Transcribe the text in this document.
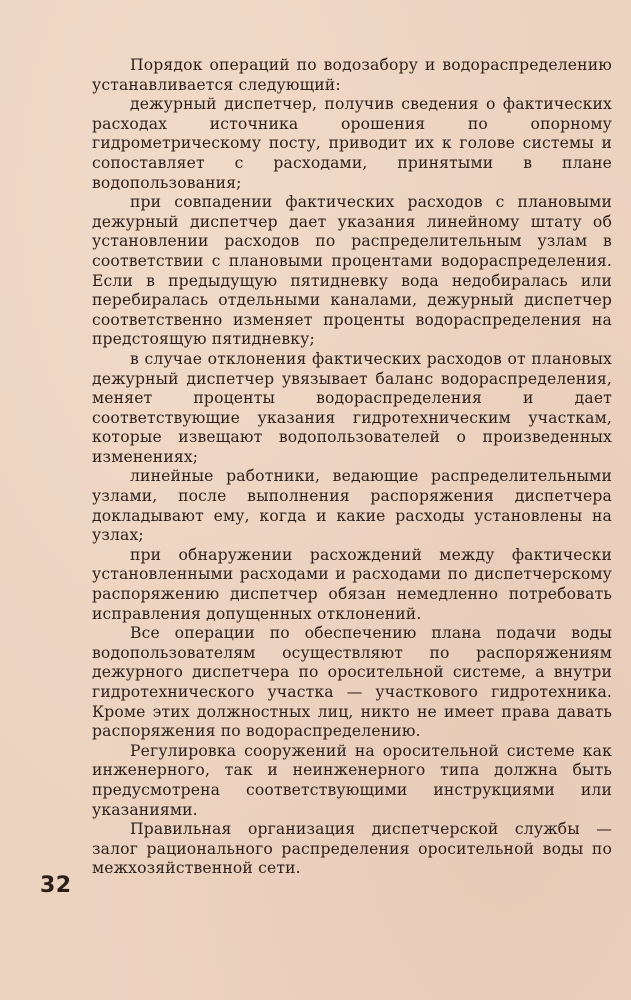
Порядок операций по водозабору и водораспределению устанавливается следующий:

дежурный диспетчер, получив сведения о фактических расходах источника орошения по опорному гидрометрическому посту, приводит их к голове системы и сопоставляет с расходами, принятыми в плане водопользования;

при совпадении фактических расходов с плановыми дежурный диспетчер дает указания линейному штату об установлении расходов по распределительным узлам в соответствии с плановыми процентами водораспределения. Если в предыдущую пятидневку вода недобиралась или перебиралась отдельными каналами, дежурный диспетчер соответственно изменяет проценты водораспределения на предстоящую пятидневку;

в случае отклонения фактических расходов от плановых дежурный диспетчер увязывает баланс водораспределения, меняет проценты водораспределения и дает соответствующие указания гидротехническим участкам, которые извещают водопользователей о произведенных изменениях;

линейные работники, ведающие распределительными узлами, после выполнения распоряжения диспетчера докладывают ему, когда и какие расходы установлены на узлах;

при обнаружении расхождений между фактически установленными расходами и расходами по диспетчерскому распоряжению диспетчер обязан немедленно потребовать исправления допущенных отклонений.

Все операции по обеспечению плана подачи воды водопользователям осуществляют по распоряжениям дежурного диспетчера по оросительной системе, а внутри гидротехнического участка — участкового гидротехника. Кроме этих должностных лиц, никто не имеет права давать распоряжения по водораспределению.

Регулировка сооружений на оросительной системе как инженерного, так и неинженерного типа должна быть предусмотрена соответствующими инструкциями или указаниями.

Правильная организация диспетчерской службы — залог рационального распределения оросительной воды по межхозяйственной сети.

32
